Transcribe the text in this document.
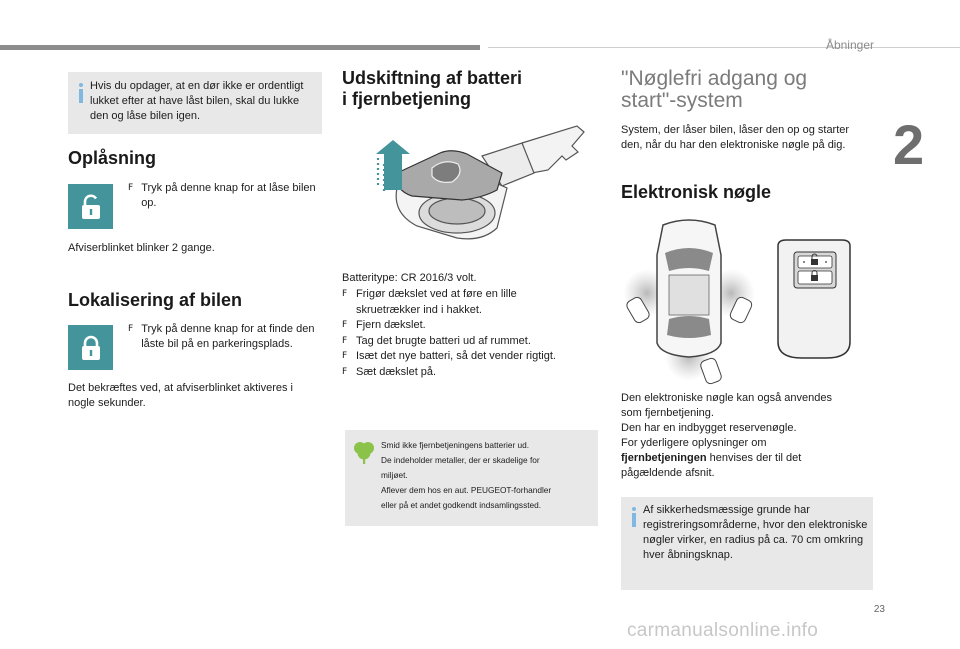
Åbninger
2
Hvis du opdager, at en dør ikke er ordentligt lukket efter at have låst bilen, skal du lukke den og låse bilen igen.
Oplåsning
F Tryk på denne knap for at låse bilen op.
Afviserblinket blinker 2 gange.
Lokalisering af bilen
F Tryk på denne knap for at finde den låste bil på en parkeringsplads.
Det bekræftes ved, at afviserblinket aktiveres i nogle sekunder.
Udskiftning af batteri
i fjernbetjening
Batteritype: CR 2016/3 volt.
F Frigør dækslet ved at føre en lille skruetrækker ind i hakket.
F Fjern dækslet.
F Tag det brugte batteri ud af rummet.
F Isæt det nye batteri, så det vender rigtigt.
F Sæt dækslet på.
Smid ikke fjernbetjeningens batterier ud.
De indeholder metaller, der er skadelige for
miljøet.
Aflever dem hos en aut. PEUGEOT-forhandler
eller på et andet godkendt indsamlingssted.
"Nøglefri adgang og
start"-system
System, der låser bilen, låser den op og starter den, når du har den elektroniske nøgle på dig.
Elektronisk nøgle
Den elektroniske nøgle kan også anvendes
som fjernbetjening.
Den har en indbygget reservenøgle.
For yderligere oplysninger om
fjernbetjeningen henvises der til det
pågældende afsnit.
Af sikkerhedsmæssige grunde har registreringsområderne, hvor den elektroniske nøgler virker, en radius på ca. 70 cm omkring hver åbningsknap.
23
carmanualsonline.info
